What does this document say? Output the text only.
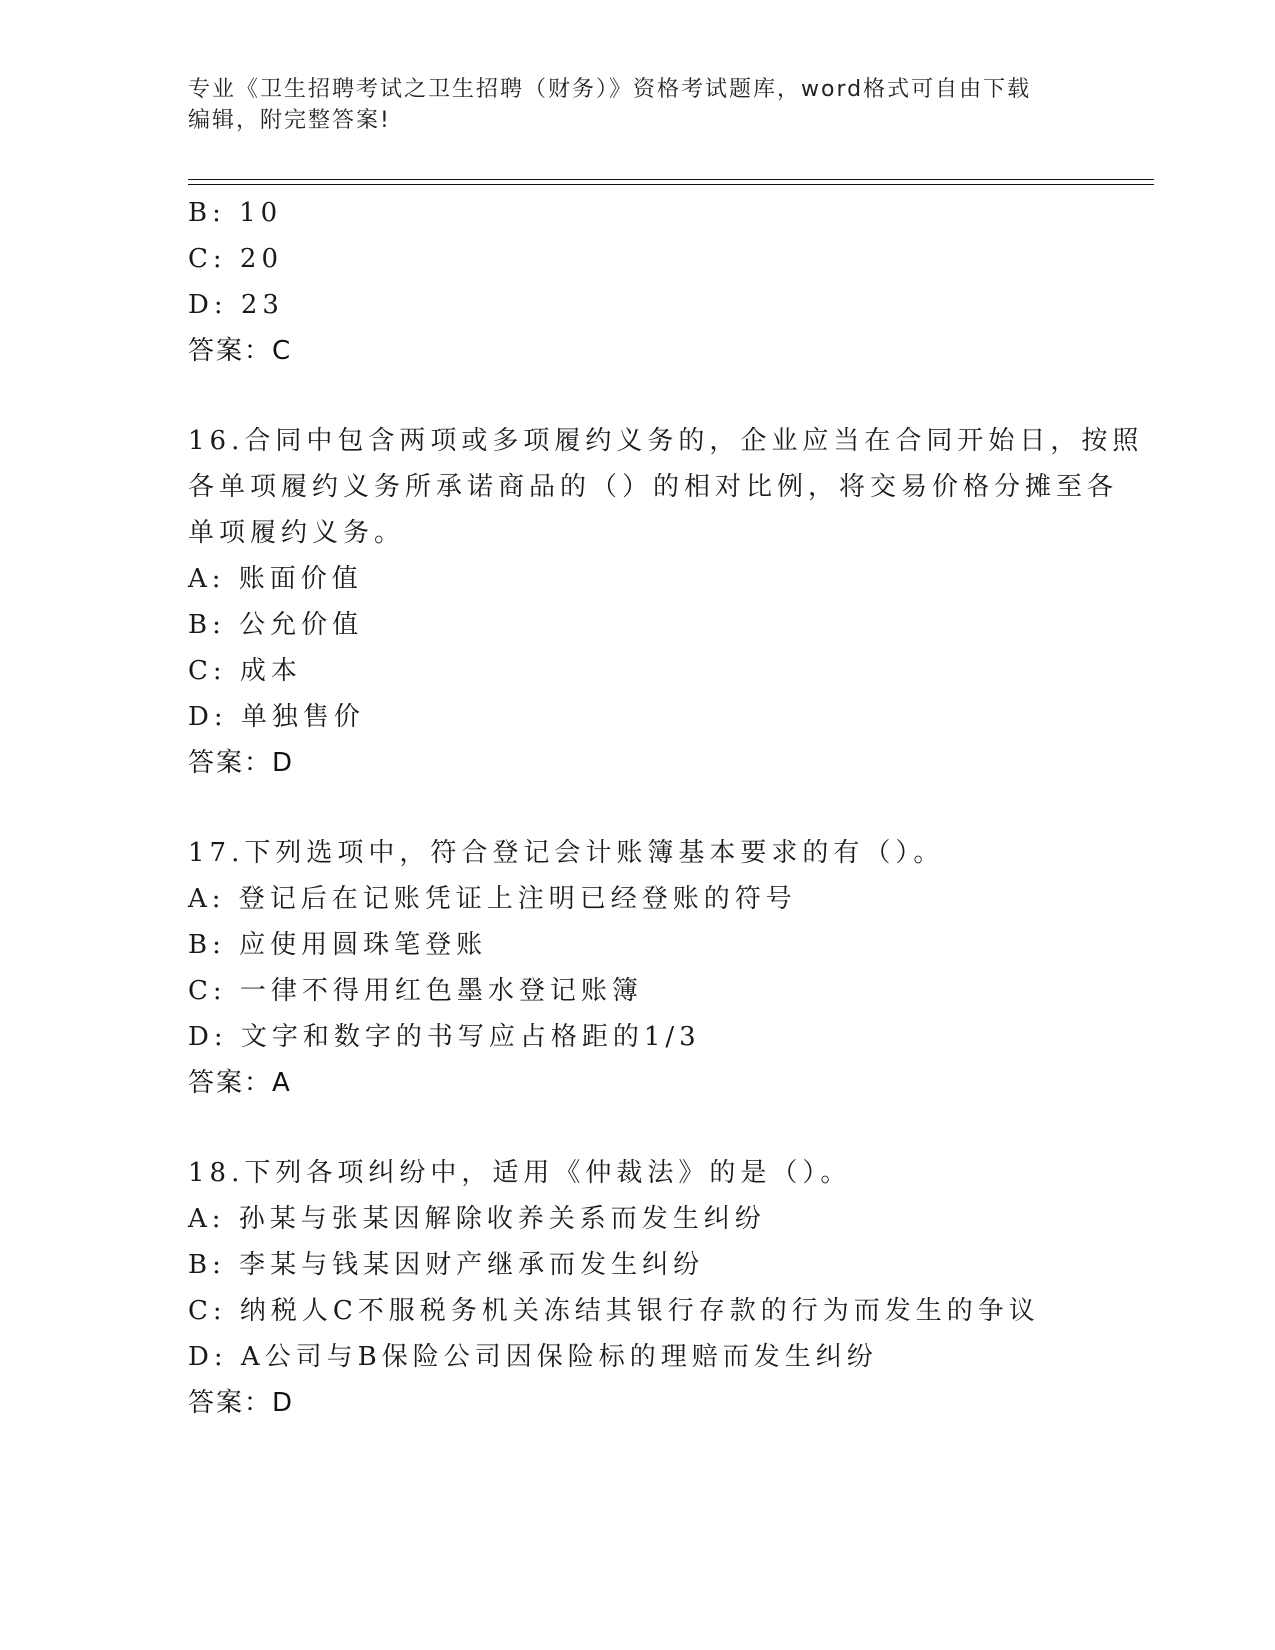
专业《卫生招聘考试之卫生招聘（财务）》资格考试题库，word格式可自由下载
编辑，附完整答案!
B: 10
C: 20
D: 23
答案：C
16.合同中包含两项或多项履约义务的，企业应当在合同开始日，按照
各单项履约义务所承诺商品的（）的相对比例，将交易价格分摊至各
单项履约义务。
A: 账面价值
B: 公允价值
C: 成本
D: 单独售价
答案：D
17.下列选项中，符合登记会计账簿基本要求的有（）。
A: 登记后在记账凭证上注明已经登账的符号
B: 应使用圆珠笔登账
C: 一律不得用红色墨水登记账簿
D: 文字和数字的书写应占格距的1/3
答案：A
18.下列各项纠纷中，适用《仲裁法》的是（）。
A: 孙某与张某因解除收养关系而发生纠纷
B: 李某与钱某因财产继承而发生纠纷
C: 纳税人C不服税务机关冻结其银行存款的行为而发生的争议
D: A公司与B保险公司因保险标的理赔而发生纠纷
答案：D
